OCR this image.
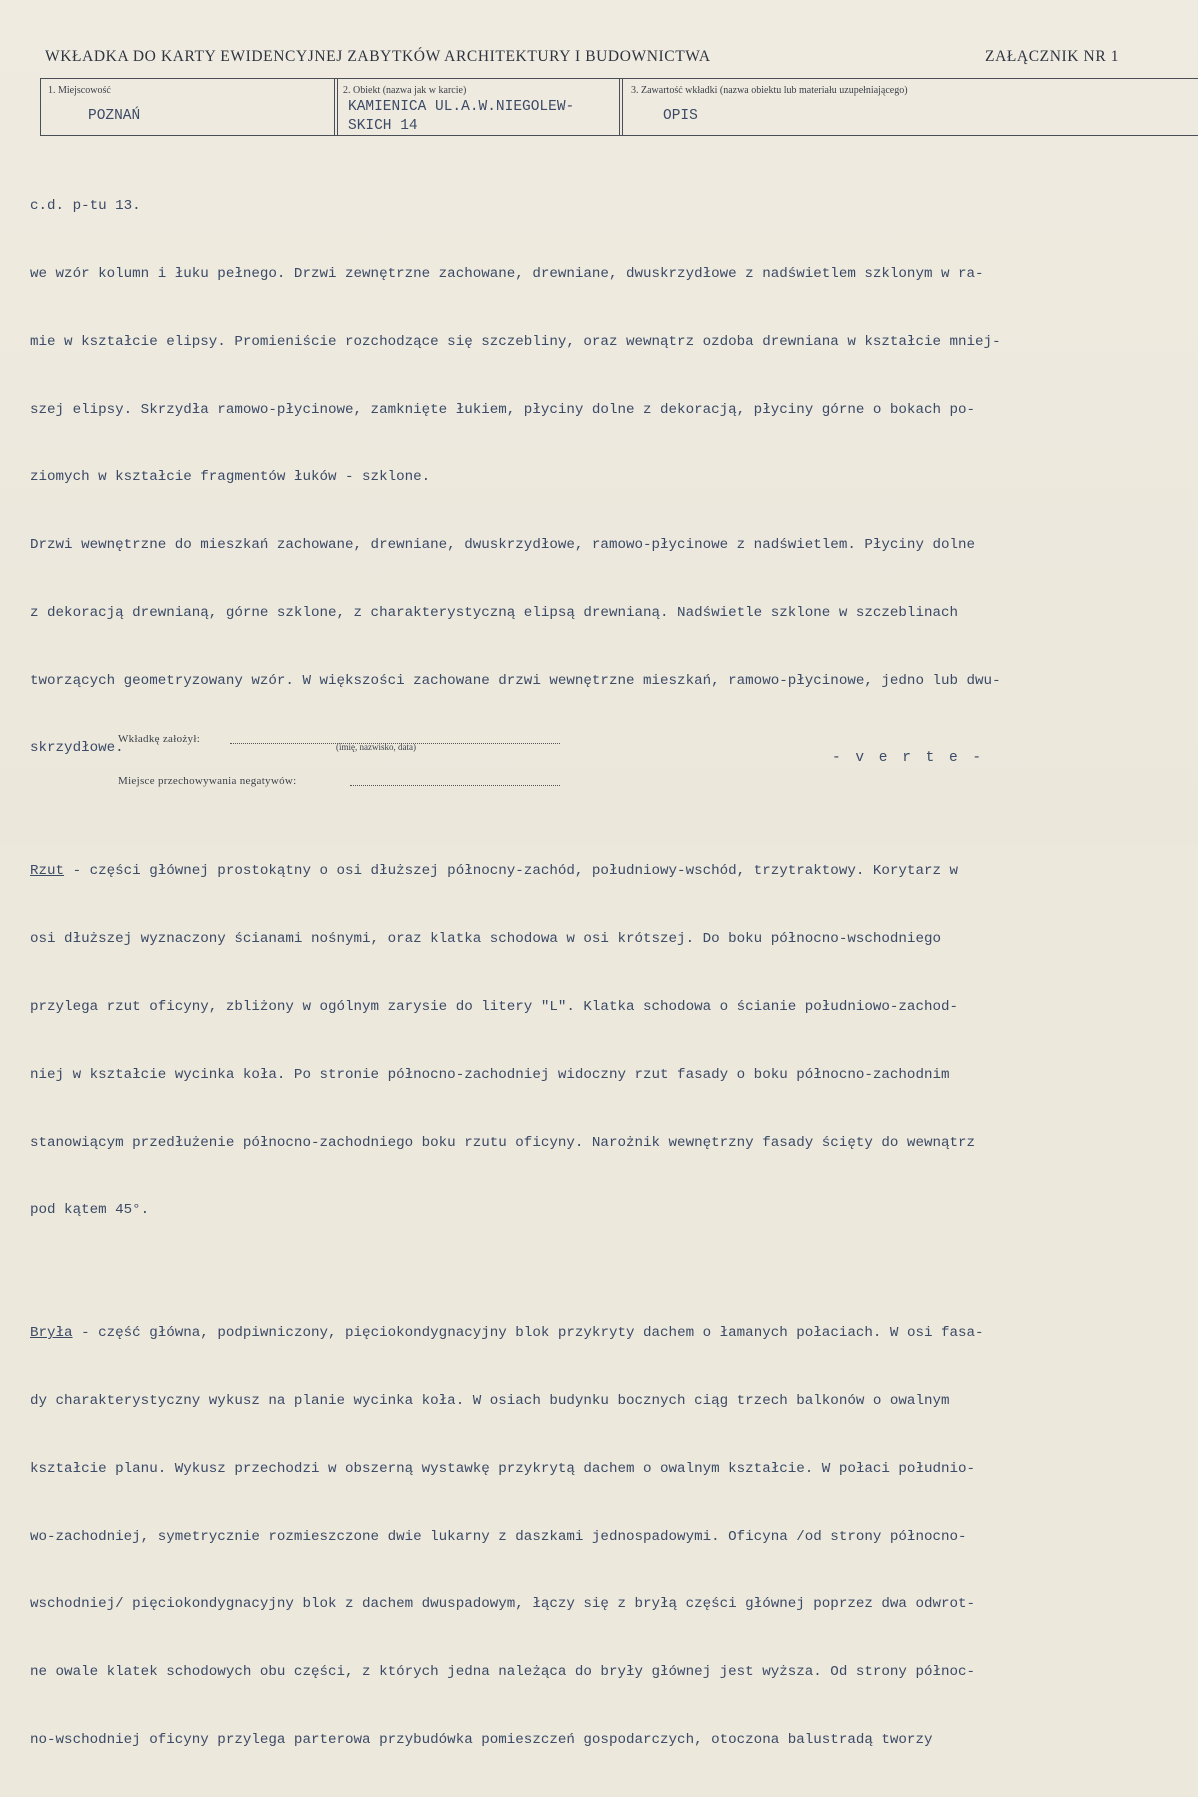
WKŁADKA DO KARTY EWIDENCYJNEJ ZABYTKÓW ARCHITEKTURY I BUDOWNICTWA	ZAŁĄCZNIK NR 1
1. Miejscowość
POZNAŃ
2. Obiekt (nazwa jak w karcie)
KAMIENICA UL.A.W.NIEGOLEW-
SKICH 14
3. Zawartość wkładki (nazwa obiektu lub materiału uzupełniającego)
OPIS

c.d. p-tu 13.

we wzór kolumn i łuku pełnego. Drzwi zewnętrzne zachowane, drewniane, dwuskrzydłowe z nadświetlem szklonym w ra-

mie w kształcie elipsy. Promieniście rozchodzące się szczebliny, oraz wewnątrz ozdoba drewniana w kształcie mniej-

szej elipsy. Skrzydła ramowo-płycinowe, zamknięte łukiem, płyciny dolne z dekoracją, płyciny górne o bokach po-

ziomych w kształcie fragmentów łuków - szklone.

Drzwi wewnętrzne do mieszkań zachowane, drewniane, dwuskrzydłowe, ramowo-płycinowe z nadświetlem. Płyciny dolne

z dekoracją drewnianą, górne szklone, z charakterystyczną elipsą drewnianą. Nadświetle szklone w szczeblinach

tworzących geometryzowany wzór. W większości zachowane drzwi wewnętrzne mieszkań, ramowo-płycinowe, jedno lub dwu-

skrzydłowe.

Rzut - części głównej prostokątny o osi dłuższej północny-zachód, południowy-wschód, trzytraktowy. Korytarz w

osi dłuższej wyznaczony ścianami nośnymi, oraz klatka schodowa w osi krótszej. Do boku północno-wschodniego

przylega rzut oficyny, zbliżony w ogólnym zarysie do litery "L". Klatka schodowa o ścianie południowo-zachod-

niej w kształcie wycinka koła. Po stronie północno-zachodniej widoczny rzut fasady o boku północno-zachodnim

stanowiącym przedłużenie północno-zachodniego boku rzutu oficyny. Narożnik wewnętrzny fasady ścięty do wewnątrz

pod kątem 45°.

Bryła - część główna, podpiwniczony, pięciokondygnacyjny blok przykryty dachem o łamanych połaciach. W osi fasa-

dy charakterystyczny wykusz na planie wycinka koła. W osiach budynku bocznych ciąg trzech balkonów o owalnym

kształcie planu. Wykusz przechodzi w obszerną wystawkę przykrytą dachem o owalnym kształcie. W połaci południo-

wo-zachodniej, symetrycznie rozmieszczone dwie lukarny z daszkami jednospadowymi. Oficyna /od strony północno-

wschodniej/ pięciokondygnacyjny blok z dachem dwuspadowym, łączy się z bryłą części głównej poprzez dwa odwrot-

ne owale klatek schodowych obu części, z których jedna należąca do bryły głównej jest wyższa. Od strony północ-

no-wschodniej oficyny przylega parterowa przybudówka pomieszczeń gospodarczych, otoczona balustradą tworzy

Wkładkę założył:
(imię, nazwisko, data)
- v e r t e -
Miejsce przechowywania negatywów:
